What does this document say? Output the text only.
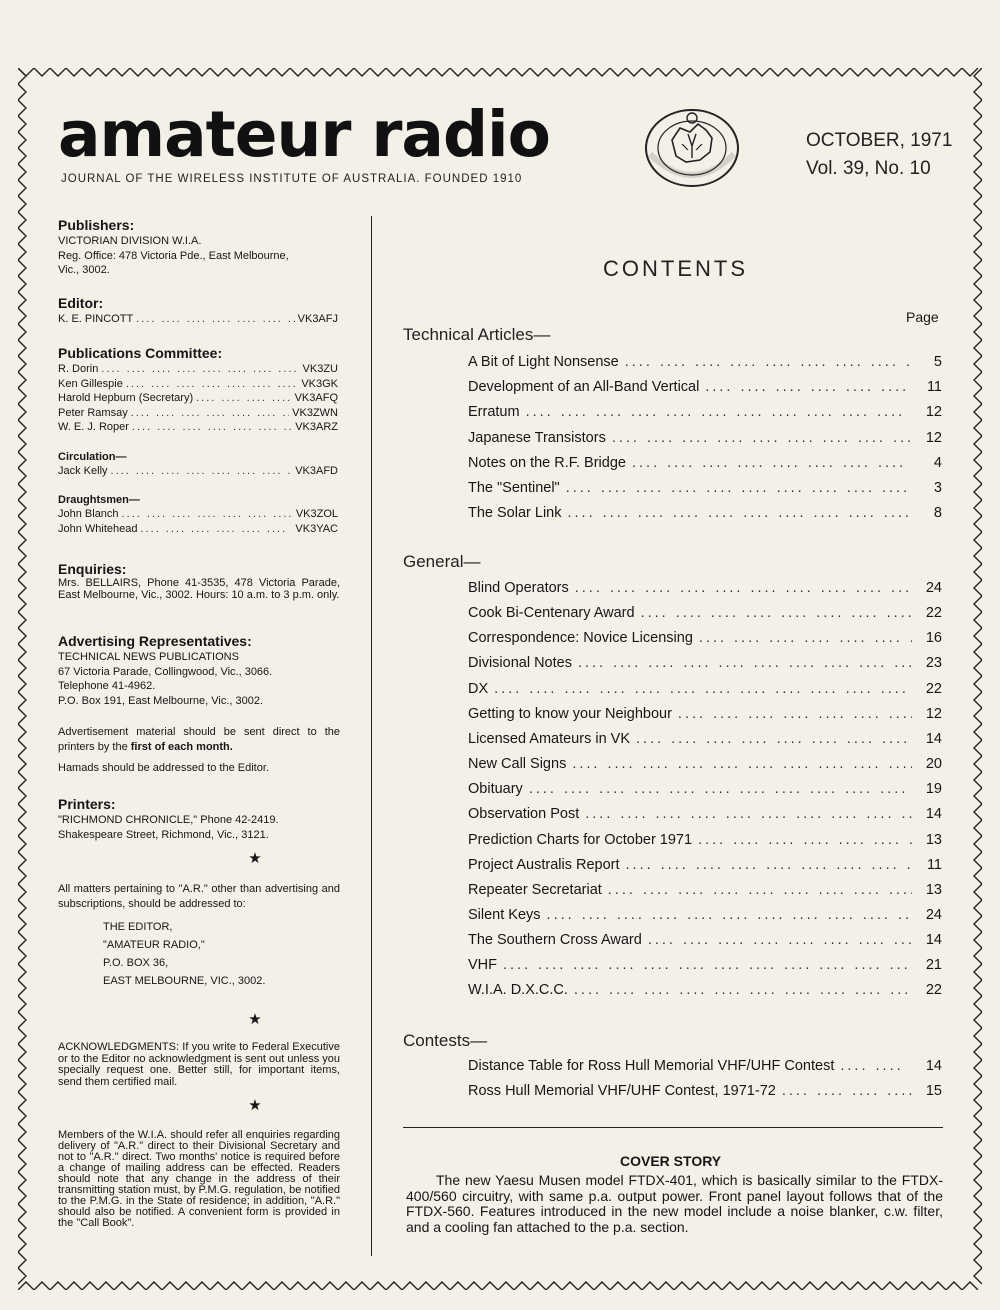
amateur radio
JOURNAL OF THE WIRELESS INSTITUTE OF AUSTRALIA. FOUNDED 1910
OCTOBER, 1971
Vol. 39, No. 10
Publishers:

VICTORIAN DIVISION W.I.A.

Reg. Office: 478 Victoria Pde., East Melbourne,

Vic., 3002.

Editor:
K. E. PINCOTT ....	VK3AFJ
Publications Committee:
R. Dorin ....	VK3ZU
Ken Gillespie ....	VK3GK
Harold Hepburn (Secretary) ....	VK3AFQ
Peter Ramsay ....	VK3ZWN
W. E. J. Roper ....	VK3ARZ
Circulation—
Jack Kelly ....	VK3AFD
Draughtsmen—
John Blanch ....	VK3ZOL
John Whitehead ....	VK3YAC
Enquiries:

Mrs. BELLAIRS, Phone 41-3535, 478 Victoria Parade, East Melbourne, Vic., 3002. Hours: 10 a.m. to 3 p.m. only.

Advertising Representatives:

TECHNICAL NEWS PUBLICATIONS

67 Victoria Parade, Collingwood, Vic., 3066.

Telephone 41-4962.

P.O. Box 191, East Melbourne, Vic., 3002.

Advertisement material should be sent direct to the printers by the first of each month.

Hamads should be addressed to the Editor.

Printers:

"RICHMOND CHRONICLE," Phone 42-2419.

Shakespeare Street, Richmond, Vic., 3121.

★

All matters pertaining to "A.R." other than advertising and subscriptions, should be addressed to:

THE EDITOR,

"AMATEUR RADIO,"

P.O. BOX 36,

EAST MELBOURNE, VIC., 3002.

★

ACKNOWLEDGMENTS: If you write to Federal Executive or to the Editor no acknowledgment is sent out unless you specially request one. Better still, for important items, send them certified mail.

★

Members of the W.I.A. should refer all enquiries regarding delivery of "A.R." direct to their Divisional Secretary and not to "A.R." direct. Two months' notice is required before a change of mailing address can be effected. Readers should note that any change in the address of their transmitting station must, by P.M.G. regulation, be notified to the P.M.G. in the State of residence; in addition, "A.R." should also be notified. A convenient form is provided in the "Call Book".

CONTENTS
Page
Technical Articles—
A Bit of Light Nonsense ....	5
Development of an All-Band Vertical ....	11
Erratum ....	12
Japanese Transistors ....	12
Notes on the R.F. Bridge ....	4
The "Sentinel" ....	3
The Solar Link ....	8
General—
Blind Operators ....	24
Cook Bi-Centenary Award ....	22
Correspondence: Novice Licensing ....	16
Divisional Notes ....	23
DX ....	22
Getting to know your Neighbour ....	12
Licensed Amateurs in VK ....	14
New Call Signs ....	20
Obituary ....	19
Observation Post ....	14
Prediction Charts for October 1971 ....	13
Project Australis Report ....	11
Repeater Secretariat ....	13
Silent Keys ....	24
The Southern Cross Award ....	14
VHF ....	21
W.I.A. D.X.C.C. ....	22
Contests—
Distance Table for Ross Hull Memorial VHF/UHF Contest ....	14
Ross Hull Memorial VHF/UHF Contest, 1971-72 ....	15
COVER STORY
The new Yaesu Musen model FTDX-401, which is basically similar to the FTDX-400/560 circuitry, with same p.a. output power. Front panel layout follows that of the FTDX-560. Features introduced in the new model include a noise blanker, c.w. filter, and a cooling fan attached to the p.a. section.
